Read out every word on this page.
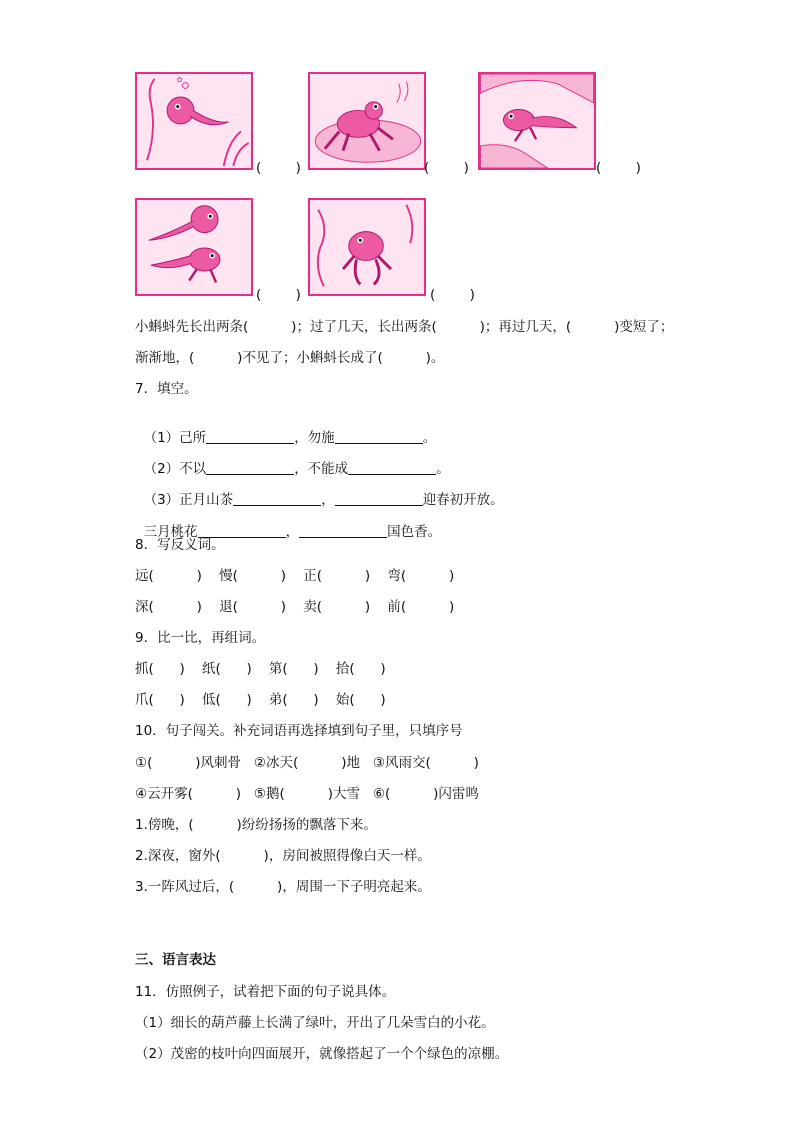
(        )	(        )	(        )
(        )	(        )
小蝌蚪先长出两条(          )；过了几天，长出两条(          )；再过几天，(          )变短了；
渐渐地，(          )不见了；小蝌蚪长成了(          )。
7．填空。

（1）己所	，勿施	。

（2）不以	，不能成	。

（3）正月山茶	，	迎春初开放。

三月桃花	，	国色香。

8．写反义词。
远(          )    慢(          )    正(          )    弯(          )
深(          )    退(          )    卖(          )    前(          )
9．比一比，再组词。
抓(      )    纸(      )    第(      )    拾(      )
爪(      )    低(      )    弟(      )    始(      )
10．句子闯关。补充词语再选择填到句子里，只填序号
①(          )风刺骨   ②冰天(          )地   ③风雨交(          )
④云开雾(          )   ⑤鹅(          )大雪   ⑥(          )闪雷鸣
1.傍晚，(          )纷纷扬扬的飘落下来。
2.深夜，窗外(          )，房间被照得像白天一样。
3.一阵风过后，(          )，周围一下子明亮起来。
三、语言表达
11．仿照例子，试着把下面的句子说具体。
（1）细长的葫芦藤上长满了绿叶，开出了几朵雪白的小花。
（2）茂密的枝叶向四面展开，就像搭起了一个个绿色的凉棚。
